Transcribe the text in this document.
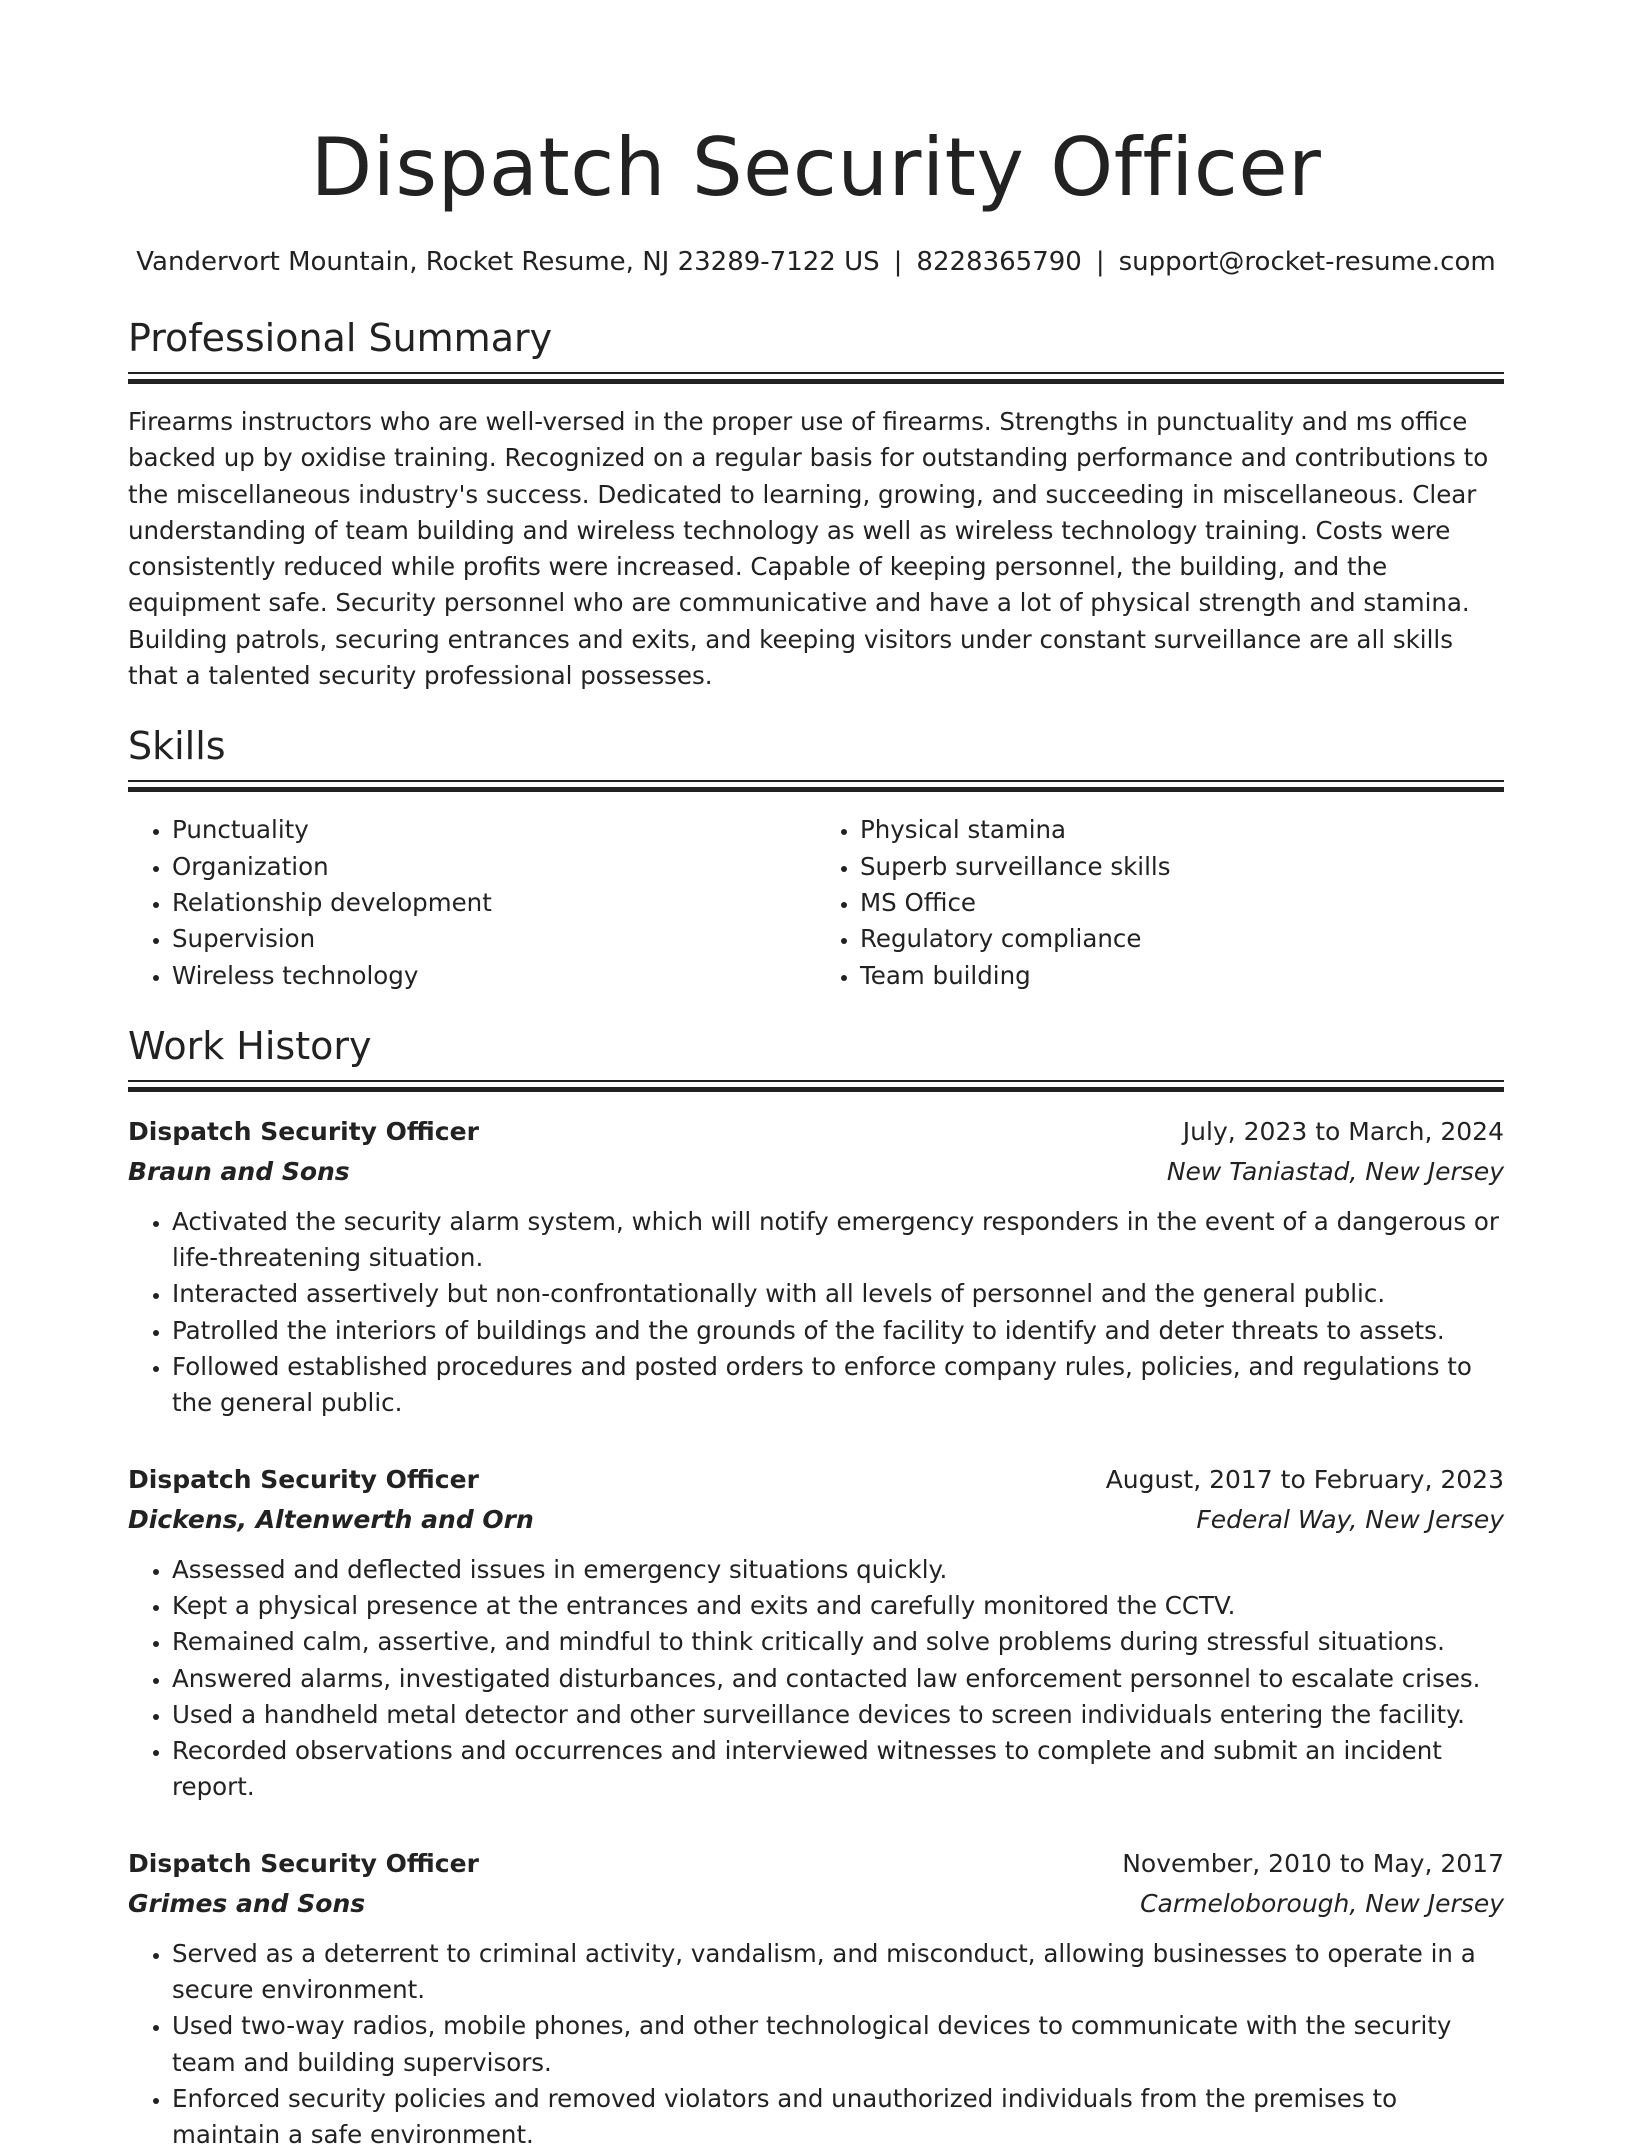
Dispatch Security Officer
Vandervort Mountain, Rocket Resume, NJ 23289-7122 US | 8228365790 | support@rocket-resume.com
Professional Summary

Firearms instructors who are well-versed in the proper use of firearms. Strengths in punctuality and ms office backed up by oxidise training. Recognized on a regular basis for outstanding performance and contributions to the miscellaneous industry's success. Dedicated to learning, growing, and succeeding in miscellaneous. Clear understanding of team building and wireless technology as well as wireless technology training. Costs were consistently reduced while profits were increased. Capable of keeping personnel, the building, and the equipment safe. Security personnel who are communicative and have a lot of physical strength and stamina. Building patrols, securing entrances and exits, and keeping visitors under constant surveillance are all skills that a talented security professional possesses.

Skills
• Punctuality
• Organization
• Relationship development
• Supervision
• Wireless technology
• Physical stamina
• Superb surveillance skills
• MS Office
• Regulatory compliance
• Team building
Work History
Dispatch Security Officer	July, 2023 to March, 2024
Braun and Sons	New Taniastad, New Jersey
• Activated the security alarm system, which will notify emergency responders in the event of a dangerous or life-threatening situation.
• Interacted assertively but non-confrontationally with all levels of personnel and the general public.
• Patrolled the interiors of buildings and the grounds of the facility to identify and deter threats to assets.
• Followed established procedures and posted orders to enforce company rules, policies, and regulations to the general public.
Dispatch Security Officer	August, 2017 to February, 2023
Dickens, Altenwerth and Orn	Federal Way, New Jersey
• Assessed and deflected issues in emergency situations quickly.
• Kept a physical presence at the entrances and exits and carefully monitored the CCTV.
• Remained calm, assertive, and mindful to think critically and solve problems during stressful situations.
• Answered alarms, investigated disturbances, and contacted law enforcement personnel to escalate crises.
• Used a handheld metal detector and other surveillance devices to screen individuals entering the facility.
• Recorded observations and occurrences and interviewed witnesses to complete and submit an incident report.
Dispatch Security Officer	November, 2010 to May, 2017
Grimes and Sons	Carmeloborough, New Jersey
• Served as a deterrent to criminal activity, vandalism, and misconduct, allowing businesses to operate in a secure environment.
• Used two-way radios, mobile phones, and other technological devices to communicate with the security team and building supervisors.
• Enforced security policies and removed violators and unauthorized individuals from the premises to maintain a safe environment.
